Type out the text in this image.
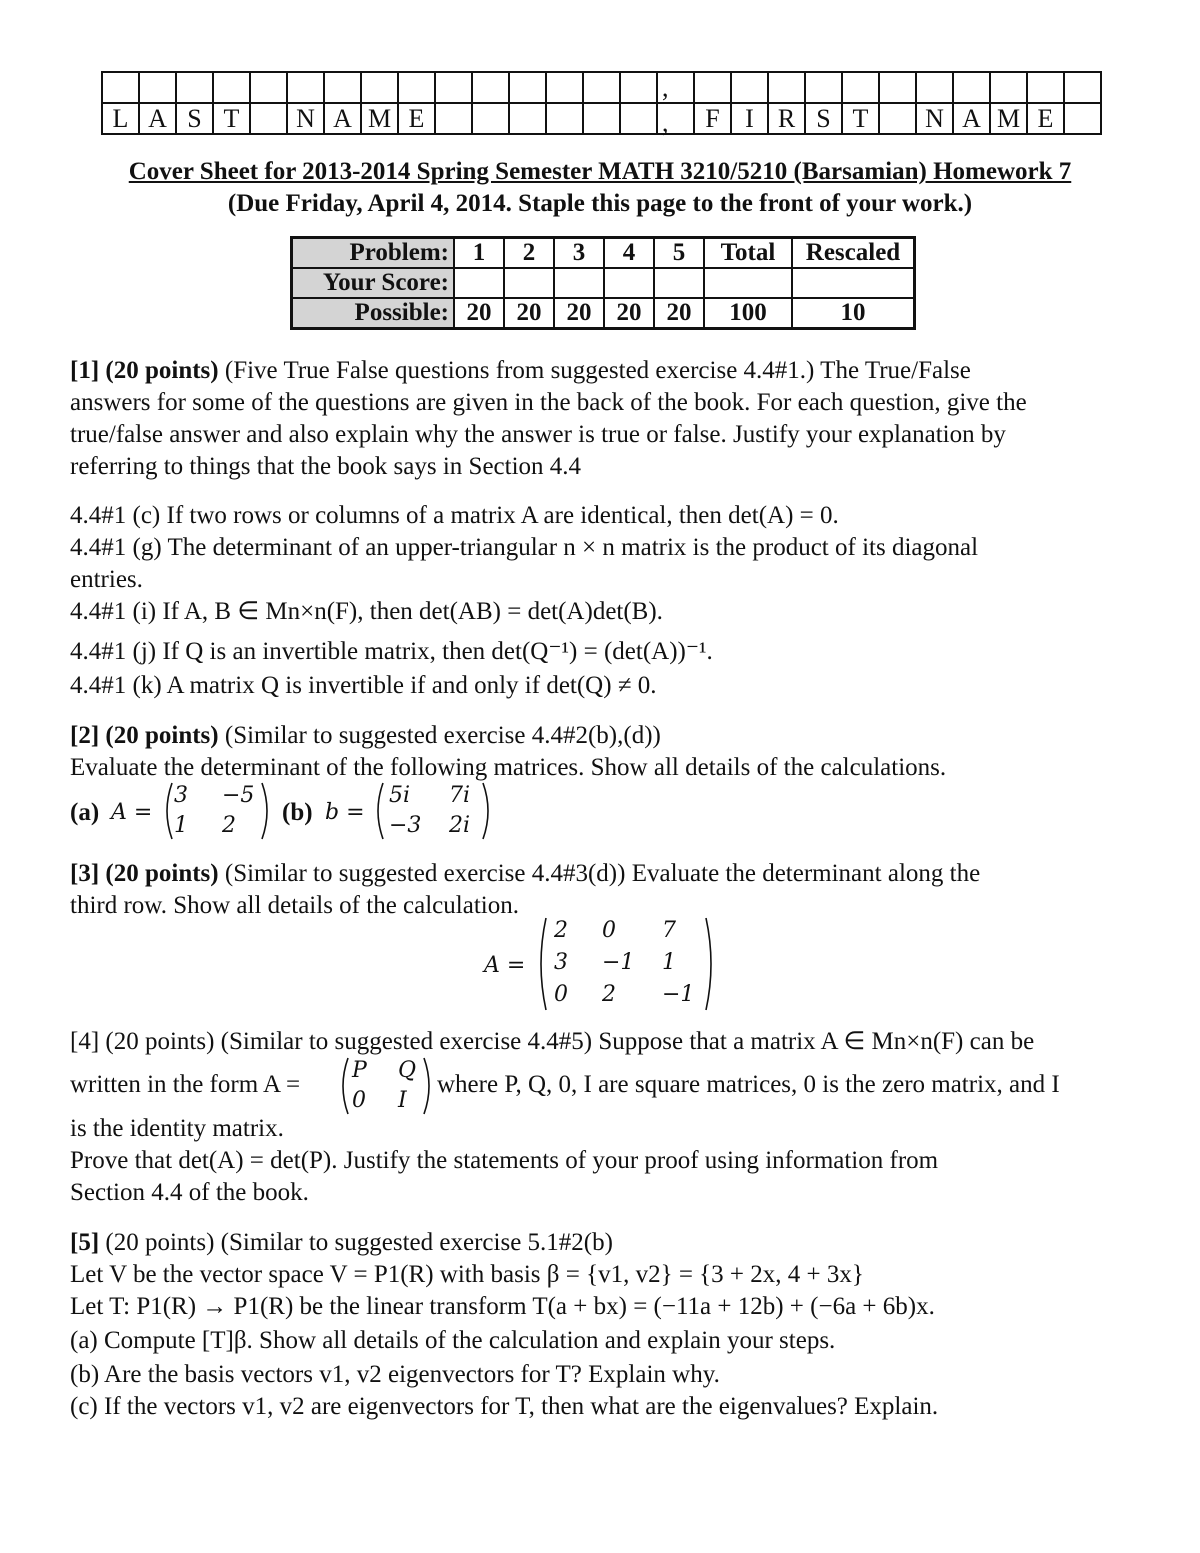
L	A	S	T		N	A	M	E							
,
,
										F	I	R	S	T		N	A	M	E	
Cover Sheet for 2013-2014 Spring Semester MATH 3210/5210 (Barsamian) Homework 7
(Due Friday, April 4, 2014. Staple this page to the front of your work.)
Problem:	1	2	3	4	5	Total	Rescaled
Your Score:							
Possible:	20	20	20	20	20	100	10
[1] (20 points) (Five True False questions from suggested exercise 4.4#1.) The True/False
answers for some of the questions are given in the back of the book. For each question, give the
true/false answer and also explain why the answer is true or false. Justify your explanation by
referring to things that the book says in Section 4.4
4.4#1 (c) If two rows or columns of a matrix A are identical, then det(A) = 0.
4.4#1 (g) The determinant of an upper-triangular n × n matrix is the product of its diagonal
entries.
4.4#1 (i) If A, B ∈ Mn×n(F), then det(AB) = det(A)det(B).
4.4#1 (j) If Q is an invertible matrix, then det(Q⁻¹) = (det(A))⁻¹.
4.4#1 (k) A matrix Q is invertible if and only if det(Q) ≠ 0.
[2] (20 points) (Similar to suggested exercise 4.4#2(b),(d))
Evaluate the determinant of the following matrices. Show all details of the calculations.
(a) A =
3 −5
1 2 (b) b =
5i 7i
−3 2i
[3] (20 points) (Similar to suggested exercise 4.4#3(d)) Evaluate the determinant along the
third row. Show all details of the calculation.
A =
2 0 7
3 −1 1
0 2 −1
[4] (20 points) (Similar to suggested exercise 4.4#5) Suppose that a matrix A ∈ Mn×n(F) can be
written in the form A =
P Q
0 I
where P, Q, 0, I are square matrices, 0 is the zero matrix, and I
is the identity matrix.
Prove that det(A) = det(P). Justify the statements of your proof using information from
Section 4.4 of the book.
[5] (20 points) (Similar to suggested exercise 5.1#2(b)
Let V be the vector space V = P1(R) with basis β = {v1, v2} = {3 + 2x, 4 + 3x}
Let T: P1(R) → P1(R) be the linear transform T(a + bx) = (−11a + 12b) + (−6a + 6b)x.
(a) Compute [T]β. Show all details of the calculation and explain your steps.
(b) Are the basis vectors v1, v2 eigenvectors for T? Explain why.
(c) If the vectors v1, v2 are eigenvectors for T, then what are the eigenvalues? Explain.
